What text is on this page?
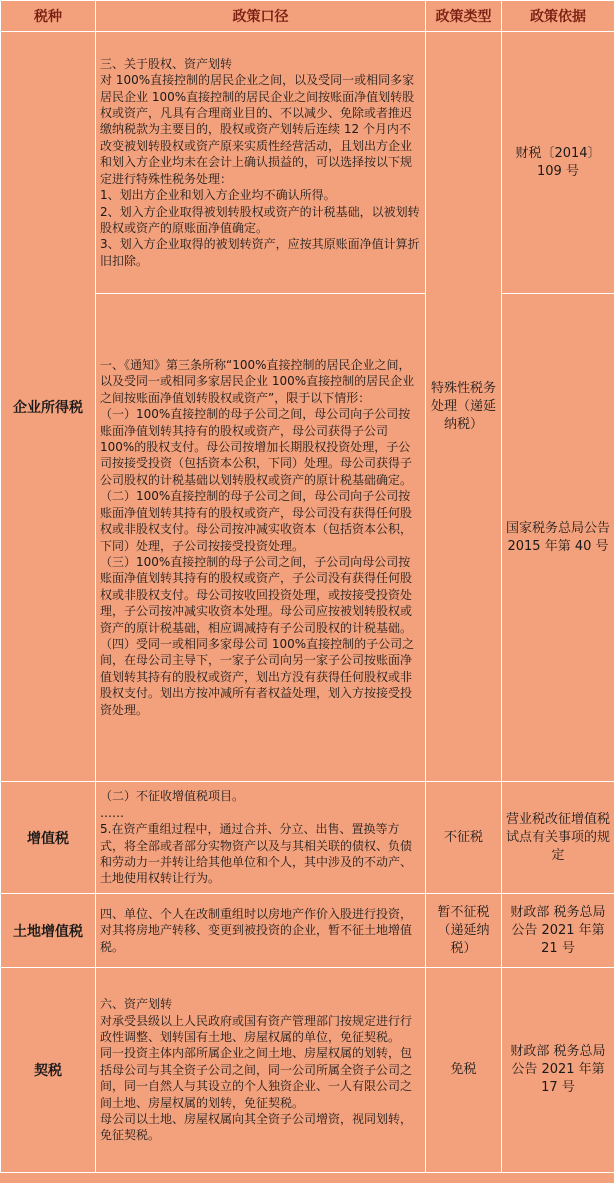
税种	政策口径	政策类型	政策依据
企业所得税	三、关于股权、资产划转

对 100%直接控制的居民企业之间，以及受同一或相同多家居民企业 100%直接控制的居民企业之间按账面净值划转股权或资产，凡具有合理商业目的、不以减少、免除或者推迟缴纳税款为主要目的，股权或资产划转后连续 12 个月内不改变被划转股权或资产原来实质性经营活动，且划出方企业和划入方企业均未在会计上确认损益的，可以选择按以下规定进行特殊性税务处理：

1、划出方企业和划入方企业均不确认所得。

2、划入方企业取得被划转股权或资产的计税基础，以被划转股权或资产的原账面净值确定。

3、划入方企业取得的被划转资产，应按其原账面净值计算折旧扣除。	特殊性税务处理（递延纳税）	财税〔2014〕109 号

	一、《通知》第三条所称“100%直接控制的居民企业之间，以及受同一或相同多家居民企业 100%直接控制的居民企业之间按账面净值划转股权或资产”，限于以下情形：

（一）100%直接控制的母子公司之间，母公司向子公司按账面净值划转其持有的股权或资产，母公司获得子公司 100%的股权支付。母公司按增加长期股权投资处理，子公司按接受投资（包括资本公积，下同）处理。母公司获得子公司股权的计税基础以划转股权或资产的原计税基础确定。

（二）100%直接控制的母子公司之间，母公司向子公司按账面净值划转其持有的股权或资产，母公司没有获得任何股权或非股权支付。母公司按冲减实收资本（包括资本公积，下同）处理，子公司按接受投资处理。

（三）100%直接控制的母子公司之间，子公司向母公司按账面净值划转其持有的股权或资产，子公司没有获得任何股权或非股权支付。母公司按收回投资处理，或按接受投资处理，子公司按冲减实收资本处理。母公司应按被划转股权或资产的原计税基础，相应调减持有子公司股权的计税基础。

（四）受同一或相同多家母公司 100%直接控制的子公司之间，在母公司主导下，一家子公司向另一家子公司按账面净值划转其持有的股权或资产，划出方没有获得任何股权或非股权支付。划出方按冲减所有者权益处理，划入方按接受投资处理。		国家税务总局公告 2015 年第 40 号
增值税	（二）不征收增值税项目。

……

5.在资产重组过程中，通过合并、分立、出售、置换等方式，将全部或者部分实物资产以及与其相关联的债权、负债和劳动力一并转让给其他单位和个人，其中涉及的不动产、土地使用权转让行为。	不征税	营业税改征增值税试点有关事项的规定
土地增值税	四、单位、个人在改制重组时以房地产作价入股进行投资，对其将房地产转移、变更到被投资的企业，暂不征土地增值税。	暂不征税（递延纳税）	财政部 税务总局公告 2021 年第 21 号
契税	六、资产划转

对承受县级以上人民政府或国有资产管理部门按规定进行行政性调整、划转国有土地、房屋权属的单位，免征契税。

同一投资主体内部所属企业之间土地、房屋权属的划转，包括母公司与其全资子公司之间，同一公司所属全资子公司之间，同一自然人与其设立的个人独资企业、一人有限公司之间土地、房屋权属的划转，免征契税。

母公司以土地、房屋权属向其全资子公司增资，视同划转，免征契税。	免税	财政部 税务总局公告 2021 年第 17 号
